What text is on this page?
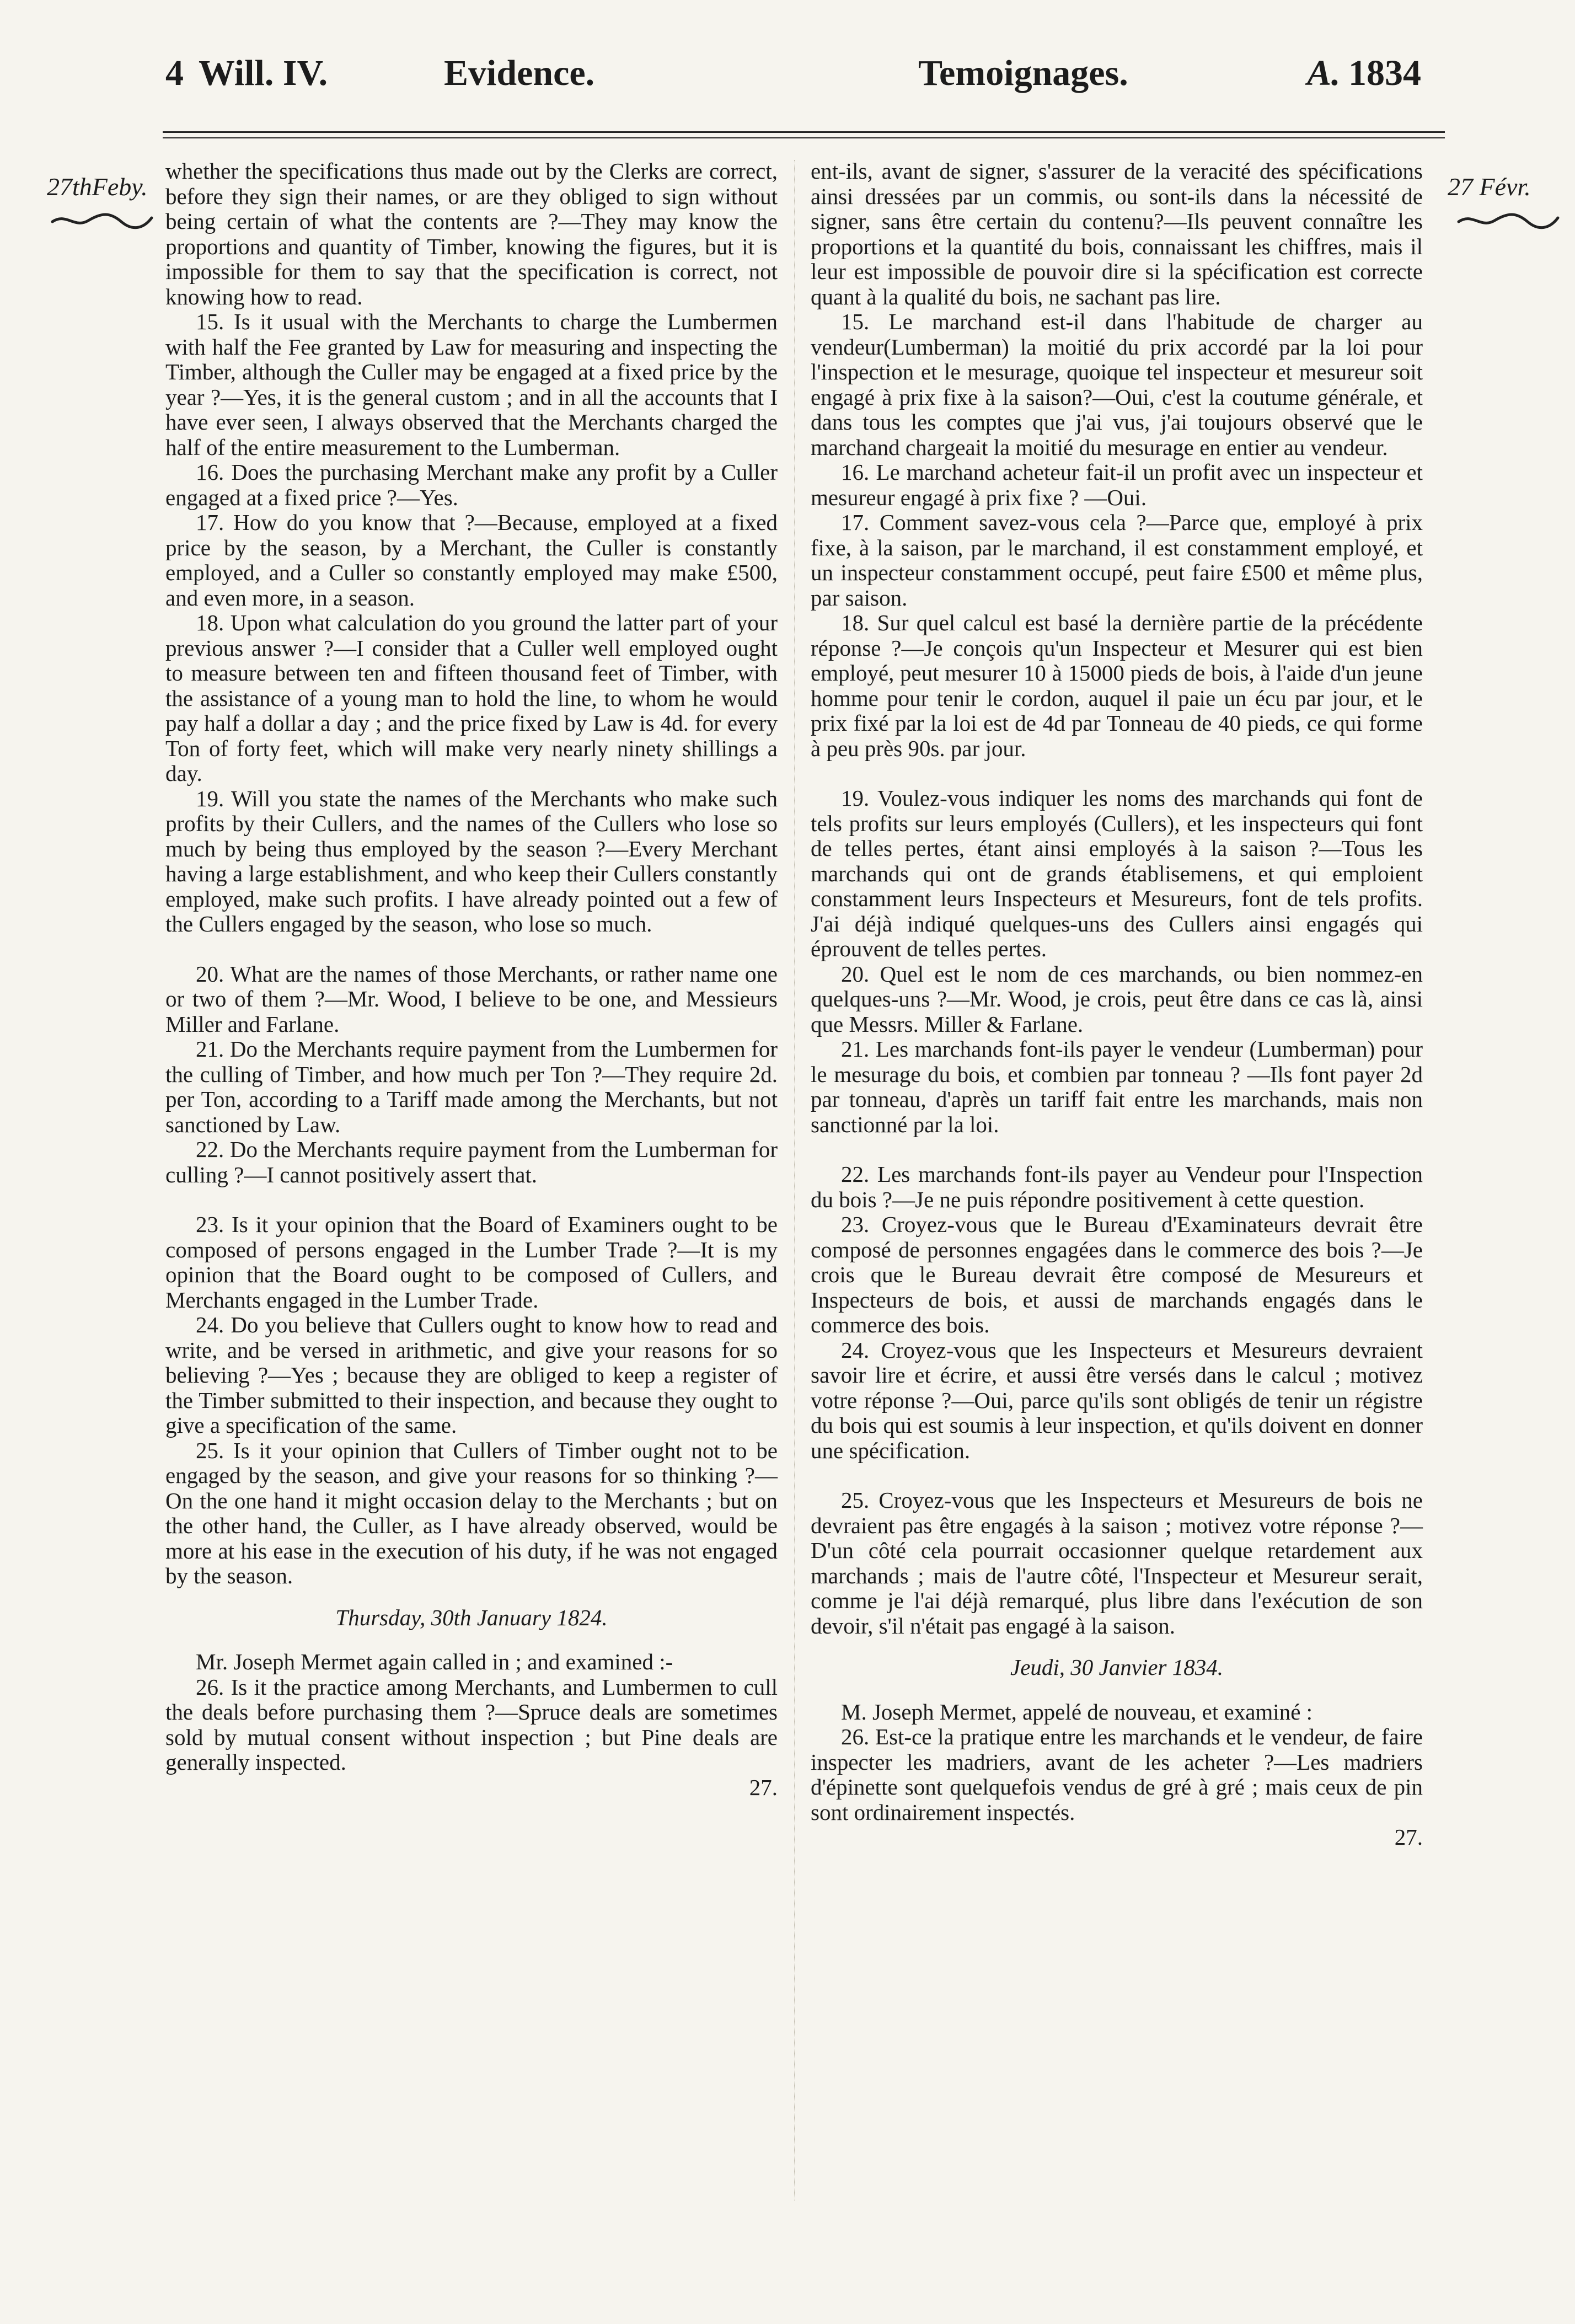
4 Will. IV.	Evidence.	Temoignages.	A. 1834
27thFeby.	27 Févr.

whether the specifications thus made out by the Clerks are correct, before they sign their names, or are they obliged to sign without being certain of what the contents are ?—They may know the proportions and quantity of Timber, knowing the figures, but it is impossible for them to say that the specification is correct, not knowing how to read.

15. Is it usual with the Merchants to charge the Lumbermen with half the Fee granted by Law for measuring and inspecting the Timber, although the Culler may be engaged at a fixed price by the year ?—Yes, it is the general custom ; and in all the accounts that I have ever seen, I always observed that the Merchants charged the half of the entire measurement to the Lumberman.

16. Does the purchasing Merchant make any profit by a Culler engaged at a fixed price ?—Yes.

17. How do you know that ?—Because, employed at a fixed price by the season, by a Merchant, the Culler is constantly employed, and a Culler so constantly employed may make £500, and even more, in a season.

18. Upon what calculation do you ground the latter part of your previous answer ?—I consider that a Culler well employed ought to measure between ten and fifteen thousand feet of Timber, with the assistance of a young man to hold the line, to whom he would pay half a dollar a day ; and the price fixed by Law is 4d. for every Ton of forty feet, which will make very nearly ninety shillings a day.

19. Will you state the names of the Merchants who make such profits by their Cullers, and the names of the Cullers who lose so much by being thus employed by the season ?—Every Merchant having a large establishment, and who keep their Cullers constantly employed, make such profits. I have already pointed out a few of the Cullers engaged by the season, who lose so much.

20. What are the names of those Merchants, or rather name one or two of them ?—Mr. Wood, I believe to be one, and Messieurs Miller and Farlane.

21. Do the Merchants require payment from the Lumbermen for the culling of Timber, and how much per Ton ?—They require 2d. per Ton, according to a Tariff made among the Merchants, but not sanctioned by Law.

22. Do the Merchants require payment from the Lumberman for culling ?—I cannot positively assert that.

23. Is it your opinion that the Board of Examiners ought to be composed of persons engaged in the Lumber Trade ?—It is my opinion that the Board ought to be composed of Cullers, and Merchants engaged in the Lumber Trade.

24. Do you believe that Cullers ought to know how to read and write, and be versed in arithmetic, and give your reasons for so believing ?—Yes ; because they are obliged to keep a register of the Timber submitted to their inspection, and because they ought to give a specification of the same.

25. Is it your opinion that Cullers of Timber ought not to be engaged by the season, and give your reasons for so thinking ?—On the one hand it might occasion delay to the Merchants ; but on the other hand, the Culler, as I have already observed, would be more at his ease in the execution of his duty, if he was not engaged by the season.

Thursday, 30th January 1824.

Mr. Joseph Mermet again called in ; and examined :-

26. Is it the practice among Merchants, and Lumbermen to cull the deals before purchasing them ?—Spruce deals are sometimes sold by mutual consent without inspection ; but Pine deals are generally inspected.

27.

ent-ils, avant de signer, s'assurer de la veracité des spécifications ainsi dressées par un commis, ou sont-ils dans la nécessité de signer, sans être certain du contenu?—Ils peuvent connaître les proportions et la quantité du bois, connaissant les chiffres, mais il leur est impossible de pouvoir dire si la spécification est correcte quant à la qualité du bois, ne sachant pas lire.

15. Le marchand est-il dans l'habitude de charger au vendeur(Lumberman) la moitié du prix accordé par la loi pour l'inspection et le mesurage, quoique tel inspecteur et mesureur soit engagé à prix fixe à la saison?—Oui, c'est la coutume générale, et dans tous les comptes que j'ai vus, j'ai toujours observé que le marchand chargeait la moitié du mesurage en entier au vendeur.

16. Le marchand acheteur fait-il un profit avec un inspecteur et mesureur engagé à prix fixe ? —Oui.

17. Comment savez-vous cela ?—Parce que, employé à prix fixe, à la saison, par le marchand, il est constamment employé, et un inspecteur constamment occupé, peut faire £500 et même plus, par saison.

18. Sur quel calcul est basé la dernière partie de la précédente réponse ?—Je conçois qu'un Inspecteur et Mesurer qui est bien employé, peut mesurer 10 à 15000 pieds de bois, à l'aide d'un jeune homme pour tenir le cordon, auquel il paie un écu par jour, et le prix fixé par la loi est de 4d par Tonneau de 40 pieds, ce qui forme à peu près 90s. par jour.

19. Voulez-vous indiquer les noms des marchands qui font de tels profits sur leurs employés (Cullers), et les inspecteurs qui font de telles pertes, étant ainsi employés à la saison ?—Tous les marchands qui ont de grands établisemens, et qui emploient constamment leurs Inspecteurs et Mesureurs, font de tels profits. J'ai déjà indiqué quelques-uns des Cullers ainsi engagés qui éprouvent de telles pertes.

20. Quel est le nom de ces marchands, ou bien nommez-en quelques-uns ?—Mr. Wood, je crois, peut être dans ce cas là, ainsi que Messrs. Miller & Farlane.

21. Les marchands font-ils payer le vendeur (Lumberman) pour le mesurage du bois, et combien par tonneau ? —Ils font payer 2d par tonneau, d'après un tariff fait entre les marchands, mais non sanctionné par la loi.

22. Les marchands font-ils payer au Vendeur pour l'Inspection du bois ?—Je ne puis répondre positivement à cette question.

23. Croyez-vous que le Bureau d'Examinateurs devrait être composé de personnes engagées dans le commerce des bois ?—Je crois que le Bureau devrait être composé de Mesureurs et Inspecteurs de bois, et aussi de marchands engagés dans le commerce des bois.

24. Croyez-vous que les Inspecteurs et Mesureurs devraient savoir lire et écrire, et aussi être versés dans le calcul ; motivez votre réponse ?—Oui, parce qu'ils sont obligés de tenir un régistre du bois qui est soumis à leur inspection, et qu'ils doivent en donner une spécification.

25. Croyez-vous que les Inspecteurs et Mesureurs de bois ne devraient pas être engagés à la saison ; motivez votre réponse ?—D'un côté cela pourrait occasionner quelque retardement aux marchands ; mais de l'autre côté, l'Inspecteur et Mesureur serait, comme je l'ai déjà remarqué, plus libre dans l'exécution de son devoir, s'il n'était pas engagé à la saison.

Jeudi, 30 Janvier 1834.

M. Joseph Mermet, appelé de nouveau, et examiné :

26. Est-ce la pratique entre les marchands et le vendeur, de faire inspecter les madriers, avant de les acheter ?—Les madriers d'épinette sont quelquefois vendus de gré à gré ; mais ceux de pin sont ordinairement inspectés.

27.
